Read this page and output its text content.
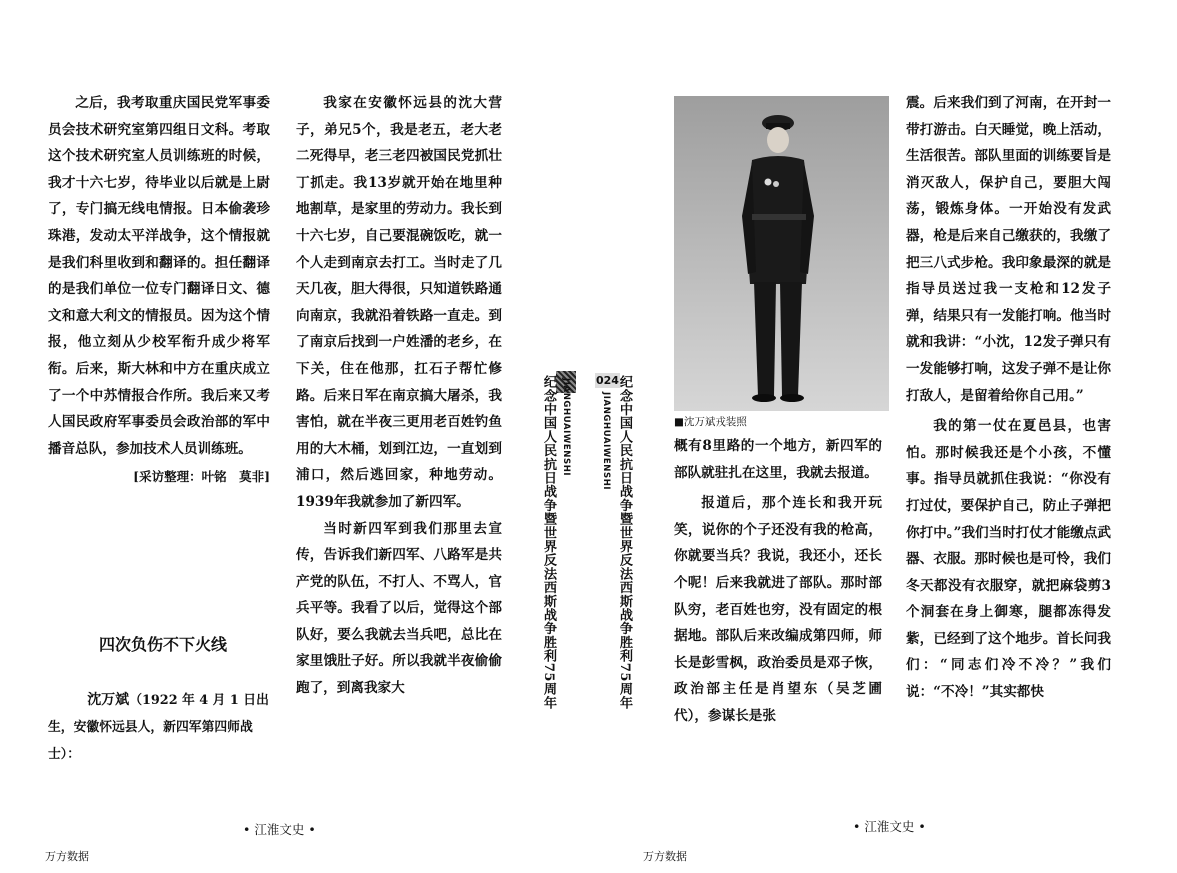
之后，我考取重庆国民党军事委员会技术研究室第四组日文科。考取这个技术研究室人员训练班的时候，我才十六七岁，待毕业以后就是上尉了，专门搞无线电情报。日本偷袭珍珠港，发动太平洋战争，这个情报就是我们科里收到和翻译的。担任翻译的是我们单位一位专门翻译日文、德文和意大利文的情报员。因为这个情报，他立刻从少校军衔升成少将军衔。后来，斯大林和中方在重庆成立了一个中苏情报合作所。我后来又考人国民政府军事委员会政治部的军中播音总队，参加技术人员训练班。

[采访整理：叶铭　莫非]

四次负伤不下火线
沈万斌（1922 年 4 月 1 日出生，安徽怀远县人，新四军第四师战士）：

我家在安徽怀远县的沈大营子，弟兄5个，我是老五，老大老二死得早，老三老四被国民党抓壮丁抓走。我13岁就开始在地里种地割草，是家里的劳动力。我长到十六七岁，自己要混碗饭吃，就一个人走到南京去打工。当时走了几天几夜，胆大得很，只知道铁路通向南京，我就沿着铁路一直走。到了南京后找到一户姓潘的老乡，在下关，住在他那，扛石子帮忙修路。后来日军在南京搞大屠杀，我害怕，就在半夜三更用老百姓钓鱼用的大木桶，划到江边，一直划到浦口，然后逃回家，种地劳动。1939年我就参加了新四军。

当时新四军到我们那里去宣传，告诉我们新四军、八路军是共产党的队伍，不打人、不骂人，官兵平等。我看了以后，觉得这个部队好，要么我就去当兵吧，总比在家里饿肚子好。所以我就半夜偷偷跑了，到离我家大

JIANGHUAIWENSHI
纪念中国人民抗日战争暨世界反法西斯战争胜利75周年
• 江淮文史 •
万方数据
024
纪念中国人民抗日战争暨世界反法西斯战争胜利75周年
JIANGHUAIWENSHI	■沈万斌戎装照

概有8里路的一个地方，新四军的部队就驻扎在这里，我就去报道。

报道后，那个连长和我开玩笑，说你的个子还没有我的枪高，你就要当兵？我说，我还小，还长个呢！后来我就进了部队。那时部队穷，老百姓也穷，没有固定的根据地。部队后来改编成第四师，师长是彭雪枫，政治委员是邓子恢，政治部主任是肖望东（吴芝圃代），参谋长是张

震。后来我们到了河南，在开封一带打游击。白天睡觉，晚上活动，生活很苦。部队里面的训练要旨是消灭敌人，保护自己，要胆大闯荡，锻炼身体。一开始没有发武器，枪是后来自己缴获的，我缴了把三八式步枪。我印象最深的就是指导员送过我一支枪和12发子弹，结果只有一发能打响。他当时就和我讲：“小沈，12发子弹只有一发能够打响，这发子弹不是让你打敌人，是留着给你自己用。”

我的第一仗在夏邑县，也害怕。那时候我还是个小孩，不懂事。指导员就抓住我说：“你没有打过仗，要保护自己，防止子弹把你打中。”我们当时打仗才能缴点武器、衣服。那时候也是可怜，我们冬天都没有衣服穿，就把麻袋剪3个洞套在身上御寒，腿都冻得发紫，已经到了这个地步。首长问我们：“同志们冷不冷？”我们说：“不冷！”其实都快

• 江淮文史 •
万方数据
